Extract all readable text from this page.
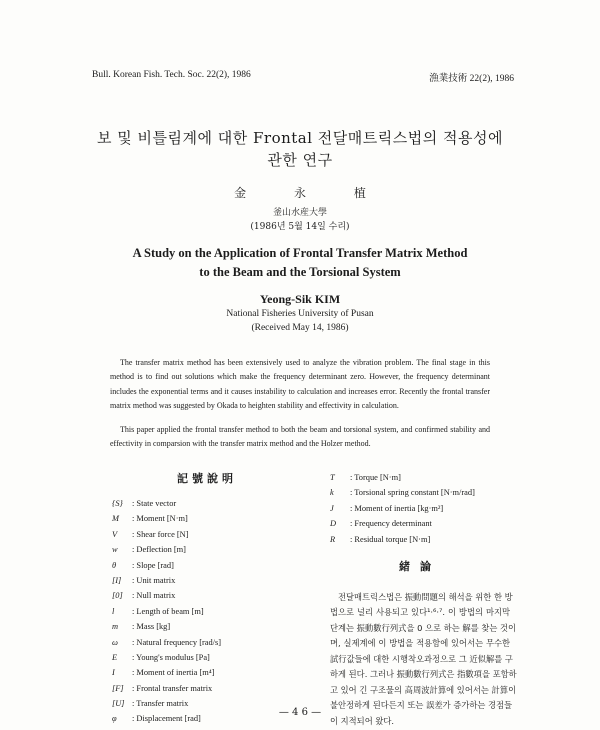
Bull. Korean Fish. Tech. Soc. 22(2), 1986	漁業技術 22(2), 1986
보 및 비틀림계에 대한 Frontal 전달매트릭스법의 적용성에
관한 연구
金	永	植
釜山水産大學
(1986년 5월 14일 수리)
A Study on the Application of Frontal Transfer Matrix Method
to the Beam and the Torsional System
Yeong-Sik KIM
National Fisheries University of Pusan
(Received May 14, 1986)

The transfer matrix method has been extensively used to analyze the vibration problem. The final stage in this method is to find out solutions which make the frequency determinant zero. However, the frequency determinant includes the exponential terms and it causes instability to calculation and increases error. Recently the frontal transfer matrix method was suggested by Okada to heighten stability and effectivity in calculation.

This paper applied the frontal transfer method to both the beam and torsional system, and confirmed stability and effectivity in comparsion with the transfer matrix method and the Holzer method.

記號說明
{S} : State vector
M : Moment [N·m]
V : Shear force [N]
w : Deflection [m]
θ : Slope [rad]
[I] : Unit matrix
[0] : Null matrix
l : Length of beam [m]
m : Mass [kg]
ω : Natural frequency [rad/s]
E : Young's modulus [Pa]
I : Moment of inertia [m⁴]
[F] : Frontal transfer matrix
[U] : Transfer matrix
φ : Displacement [rad]
T : Torque [N·m]
k : Torsional spring constant [N·m/rad]
J : Moment of inertia [kg·m²]
D : Frequency determinant
R : Residual torque [N·m]
緒論
전달매트릭스법은 振動問題의 해석을 위한 한 방
법으로 널리 사용되고 있다¹·⁶·⁷. 이 방법의 마지막
단계는 振動數行列式을 0 으로 하는 解를 찾는 것이
며, 실제계에 이 방법을 적용함에 있어서는 무수한
試行값들에 대한 시행착오과정으로 그 近似解를 구
하게 된다. 그러나 振動數行列式은 指數項을 포함하
고 있어 긴 구조물의 高周波計算에 있어서는 計算이
불안정하게 된다든지 또는 誤差가 증가하는 경점들
이 지적되어 왔다.
— 4 6 —
